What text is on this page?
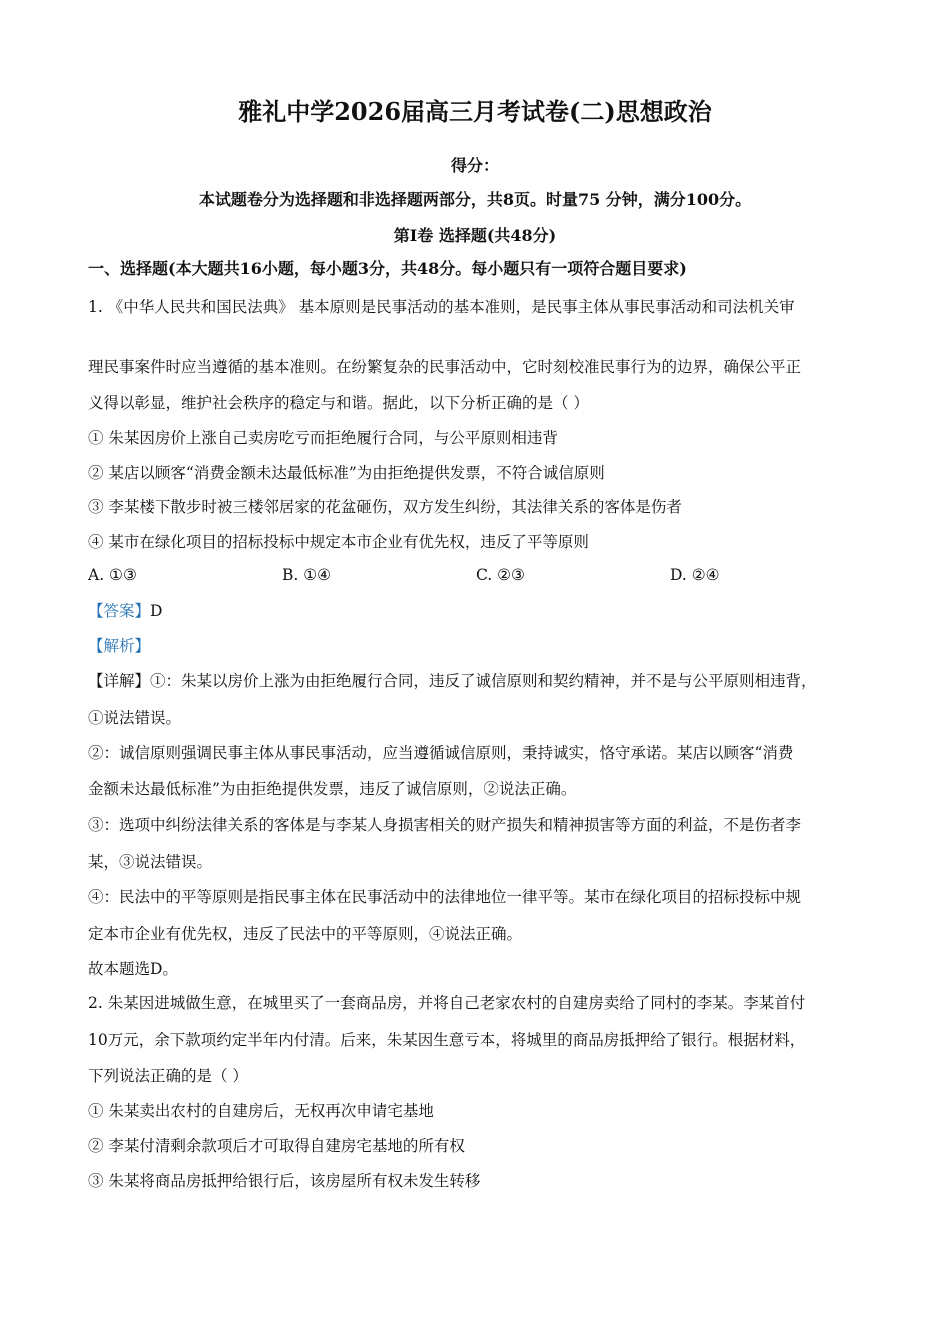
雅礼中学2026届高三月考试卷(二)思想政治
得分：
本试题卷分为选择题和非选择题两部分，共8页。时量75 分钟，满分100分。
第Ⅰ卷 选择题(共48分)
一、选择题(本大题共16小题，每小题3分，共48分。每小题只有一项符合题目要求)
1. 《中华人民共和国民法典》 基本原则是民事活动的基本准则，是民事主体从事民事活动和司法机关审
理民事案件时应当遵循的基本准则。在纷繁复杂的民事活动中，它时刻校准民事行为的边界，确保公平正
义得以彰显，维护社会秩序的稳定与和谐。据此，以下分析正确的是（ ）
① 朱某因房价上涨自己卖房吃亏而拒绝履行合同，与公平原则相违背
② 某店以顾客“消费金额未达最低标准”为由拒绝提供发票，不符合诚信原则
③ 李某楼下散步时被三楼邻居家的花盆砸伤，双方发生纠纷，其法律关系的客体是伤者
④ 某市在绿化项目的招标投标中规定本市企业有优先权，违反了平等原则
A. ①③	B. ①④	C. ②③	D. ②④
【答案】D
【解析】
【详解】①：朱某以房价上涨为由拒绝履行合同，违反了诚信原则和契约精神，并不是与公平原则相违背，
①说法错误。
②：诚信原则强调民事主体从事民事活动，应当遵循诚信原则，秉持诚实，恪守承诺。某店以顾客“消费
金额未达最低标准”为由拒绝提供发票，违反了诚信原则，②说法正确。
③：选项中纠纷法律关系的客体是与李某人身损害相关的财产损失和精神损害等方面的利益，不是伤者李
某，③说法错误。
④：民法中的平等原则是指民事主体在民事活动中的法律地位一律平等。某市在绿化项目的招标投标中规
定本市企业有优先权，违反了民法中的平等原则，④说法正确。
故本题选D。
2. 朱某因进城做生意，在城里买了一套商品房，并将自己老家农村的自建房卖给了同村的李某。李某首付
10万元，余下款项约定半年内付清。后来，朱某因生意亏本，将城里的商品房抵押给了银行。根据材料，
下列说法正确的是（ ）
① 朱某卖出农村的自建房后，无权再次申请宅基地
② 李某付清剩余款项后才可取得自建房宅基地的所有权
③ 朱某将商品房抵押给银行后，该房屋所有权未发生转移
